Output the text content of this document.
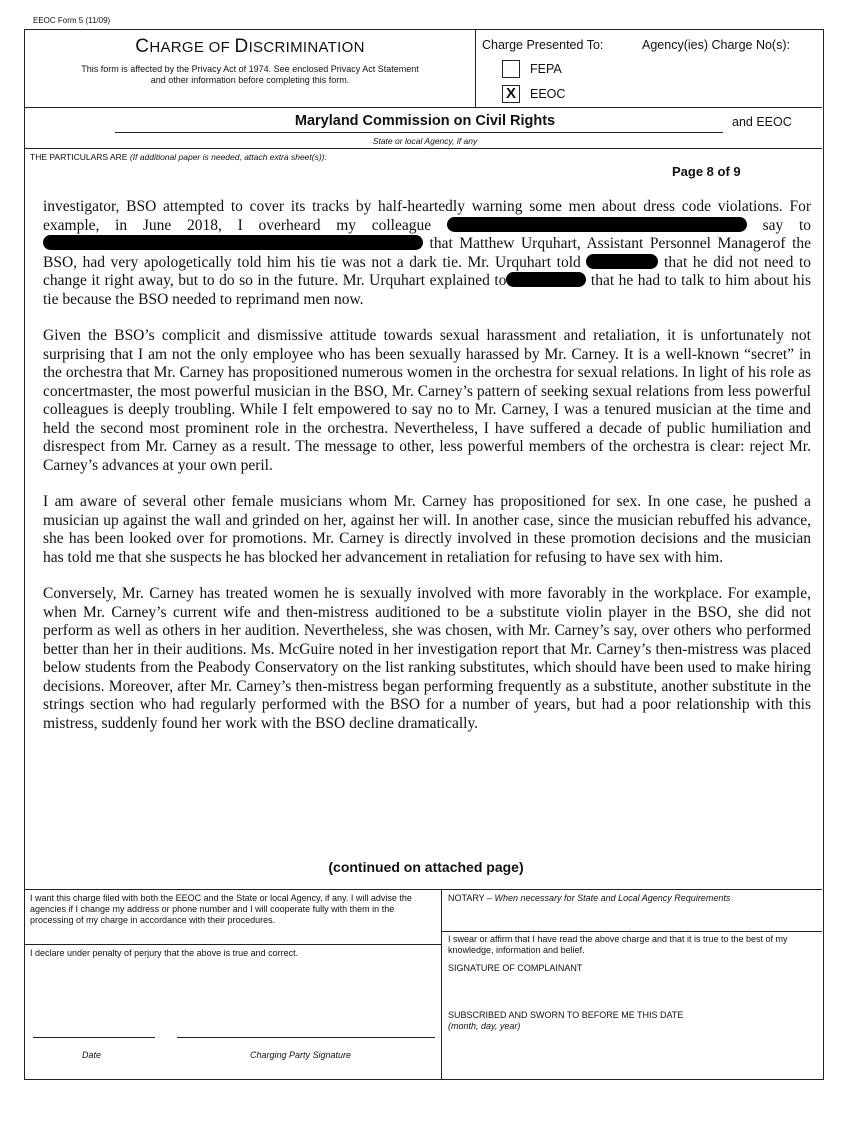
EEOC Form 5 (11/09)
CHARGE OF DISCRIMINATION
This form is affected by the Privacy Act of 1974. See enclosed Privacy Act Statement and other information before completing this form.
Charge Presented To:	Agency(ies) Charge No(s):
FEPA
X	EEOC
Maryland Commission on Civil Rights	and EEOC
State or local Agency, if any
THE PARTICULARS ARE (If additional paper is needed, attach extra sheet(s)):
Page 8 of 9

investigator, BSO attempted to cover its tracks by half-heartedly warning some men about dress code violations. For example, in June 2018, I overheard my colleague	say to  that Matthew Urquhart, Assistant Personnel Managerof the BSO, had very apologetically told him his tie was not a dark tie. Mr. Urquhart told	that he did not need to change it right away, but to do so in the future. Mr. Urquhart explained to	that he had to talk to him about his tie because the BSO needed to reprimand men now.

Given the BSO’s complicit and dismissive attitude towards sexual harassment and retaliation, it is unfortunately not surprising that I am not the only employee who has been sexually harassed by Mr. Carney. It is a well-known “secret” in the orchestra that Mr. Carney has propositioned numerous women in the orchestra for sexual relations. In light of his role as concertmaster, the most powerful musician in the BSO, Mr. Carney’s pattern of seeking sexual relations from less powerful colleagues is deeply troubling. While I felt empowered to say no to Mr. Carney, I was a tenured musician at the time and held the second most prominent role in the orchestra. Nevertheless, I have suffered a decade of public humiliation and disrespect from Mr. Carney as a result. The message to other, less powerful members of the orchestra is clear: reject Mr. Carney’s advances at your own peril.

I am aware of several other female musicians whom Mr. Carney has propositioned for sex. In one case, he pushed a musician up against the wall and grinded on her, against her will. In another case, since the musician rebuffed his advance, she has been looked over for promotions. Mr. Carney is directly involved in these promotion decisions and the musician has told me that she suspects he has blocked her advancement in retaliation for refusing to have sex with him.

Conversely, Mr. Carney has treated women he is sexually involved with more favorably in the workplace. For example, when Mr. Carney’s current wife and then-mistress auditioned to be a substitute violin player in the BSO, she did not perform as well as others in her audition. Nevertheless, she was chosen, with Mr. Carney’s say, over others who performed better than her in their auditions. Ms. McGuire noted in her investigation report that Mr. Carney’s then-mistress was placed below students from the Peabody Conservatory on the list ranking substitutes, which should have been used to make hiring decisions. Moreover, after Mr. Carney’s then-mistress began performing frequently as a substitute, another substitute in the strings section who had regularly performed with the BSO for a number of years, but had a poor relationship with this mistress, suddenly found her work with the BSO decline dramatically.

(continued on attached page)
I want this charge filed with both the EEOC and the State or local Agency, if any. I will advise the agencies if I change my address or phone number and I will cooperate fully with them in the processing of my charge in accordance with their procedures.
I declare under penalty of perjury that the above is true and correct.
NOTARY – When necessary for State and Local Agency Requirements
I swear or affirm that I have read the above charge and that it is true to the best of my knowledge, information and belief.
SIGNATURE OF COMPLAINANT
SUBSCRIBED AND SWORN TO BEFORE ME THIS DATE
(month, day, year)
Date	Charging Party Signature
